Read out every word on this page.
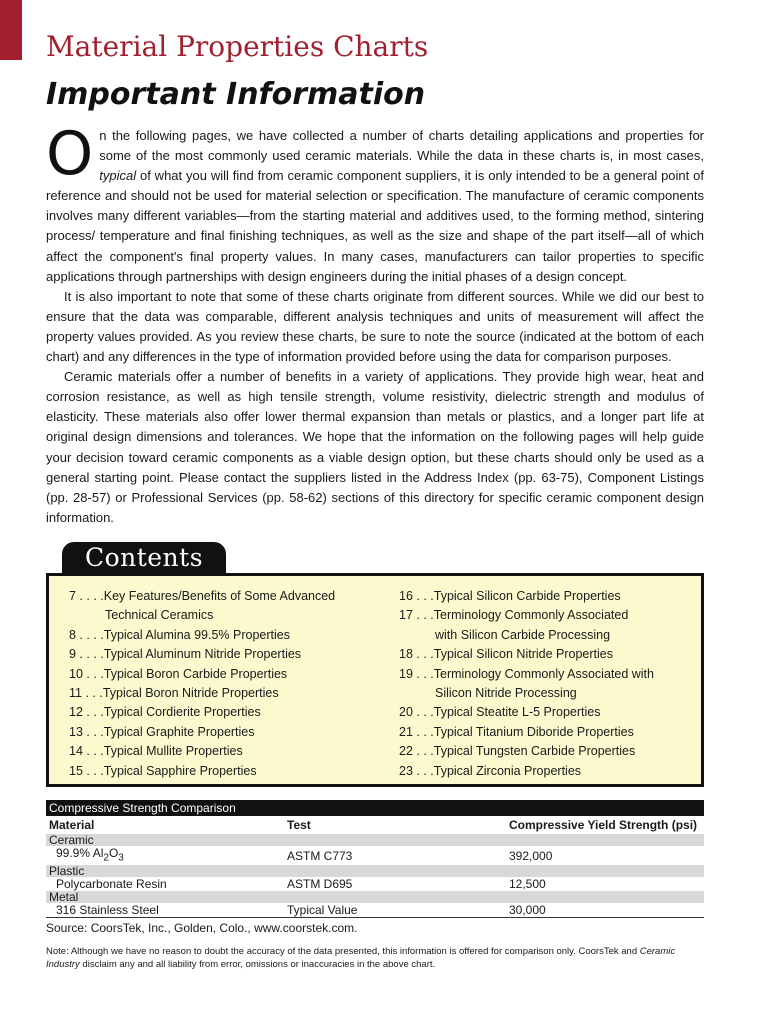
Material Properties Charts
Important Information

On the following pages, we have collected a number of charts detailing applications and properties for some of the most commonly used ceramic materials. While the data in these charts is, in most cases, typical of what you will find from ceramic component suppliers, it is only intended to be a general point of reference and should not be used for material selection or specification. The manufacture of ceramic components involves many different variables—from the starting material and additives used, to the forming method, sintering process/ temperature and final finishing techniques, as well as the size and shape of the part itself—all of which affect the component's final property values. In many cases, manufacturers can tailor properties to specific applications through partnerships with design engineers during the initial phases of a design concept.

It is also important to note that some of these charts originate from different sources. While we did our best to ensure that the data was comparable, different analysis techniques and units of measurement will affect the property values provided. As you review these charts, be sure to note the source (indicated at the bottom of each chart) and any differences in the type of information provided before using the data for comparison purposes.

Ceramic materials offer a number of benefits in a variety of applications. They provide high wear, heat and corrosion resistance, as well as high tensile strength, volume resistivity, dielectric strength and modulus of elasticity. These materials also offer lower thermal expansion than metals or plastics, and a longer part life at original design dimensions and tolerances. We hope that the information on the following pages will help guide your decision toward ceramic components as a viable design option, but these charts should only be used as a general starting point. Please contact the suppliers listed in the Address Index (pp. 63-75), Component Listings (pp. 28-57) or Professional Services (pp. 58-62) sections of this directory for specific ceramic component design information.

Contents
7 . . . . Key Features/Benefits of Some Advanced
Technical Ceramics
8 . . . . Typical Alumina 99.5% Properties
9 . . . . Typical Aluminum Nitride Properties
10 . . . Typical Boron Carbide Properties
11 . . . Typical Boron Nitride Properties
12 . . . Typical Cordierite Properties
13 . . . Typical Graphite Properties
14 . . . Typical Mullite Properties
15 . . . Typical Sapphire Properties
16 . . . Typical Silicon Carbide Properties
17 . . . Terminology Commonly Associated
with Silicon Carbide Processing
18 . . . Typical Silicon Nitride Properties
19 . . . Terminology Commonly Associated with
Silicon Nitride Processing
20 . . . Typical Steatite L-5 Properties
21 . . . Typical Titanium Diboride Properties
22 . . . Typical Tungsten Carbide Properties
23 . . . Typical Zirconia Properties
Compressive Strength Comparison
Material	Test	Compressive Yield Strength (psi)
Ceramic		
99.9% $Al_2O_3$	ASTM C773	392,000
Plastic		
Polycarbonate Resin	ASTM D695	12,500
Metal		
316 Stainless Steel	Typical Value	30,000
Source: CoorsTek, Inc., Golden, Colo., www.coorstek.com.
Note: Although we have no reason to doubt the accuracy of the data presented, this information is offered for comparison only. CoorsTek and Ceramic Industry disclaim any and all liability from error, omissions or inaccuracies in the above chart.
